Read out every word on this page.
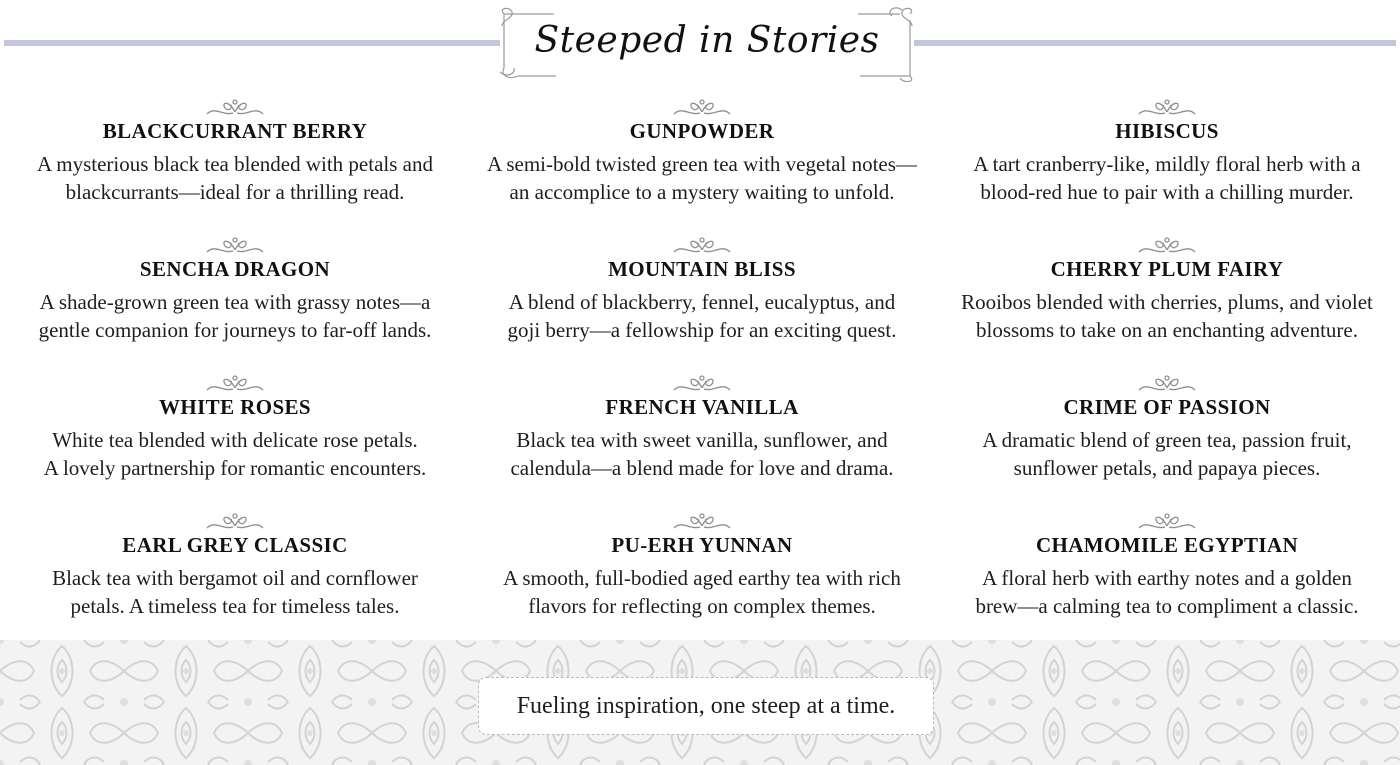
Steeped in Stories
BLACKCURRANT BERRY
A mysterious black tea blended with petals and
blackcurrants—ideal for a thrilling read.
GUNPOWDER
A semi-bold twisted green tea with vegetal notes—
an accomplice to a mystery waiting to unfold.
HIBISCUS
A tart cranberry-like, mildly floral herb with a
blood-red hue to pair with a chilling murder.
SENCHA DRAGON
A shade-grown green tea with grassy notes—a
gentle companion for journeys to far-off lands.
MOUNTAIN BLISS
A blend of blackberry, fennel, eucalyptus, and
goji berry—a fellowship for an exciting quest.
CHERRY PLUM FAIRY
Rooibos blended with cherries, plums, and violet
blossoms to take on an enchanting adventure.
WHITE ROSES
White tea blended with delicate rose petals.
A lovely partnership for romantic encounters.
FRENCH VANILLA
Black tea with sweet vanilla, sunflower, and
calendula—a blend made for love and drama.
CRIME OF PASSION
A dramatic blend of green tea, passion fruit,
sunflower petals, and papaya pieces.
EARL GREY CLASSIC
Black tea with bergamot oil and cornflower
petals. A timeless tea for timeless tales.
PU-ERH YUNNAN
A smooth, full-bodied aged earthy tea with rich
flavors for reflecting on complex themes.
CHAMOMILE EGYPTIAN
A floral herb with earthy notes and a golden
brew—a calming tea to compliment a classic.
Fueling inspiration, one steep at a time.
